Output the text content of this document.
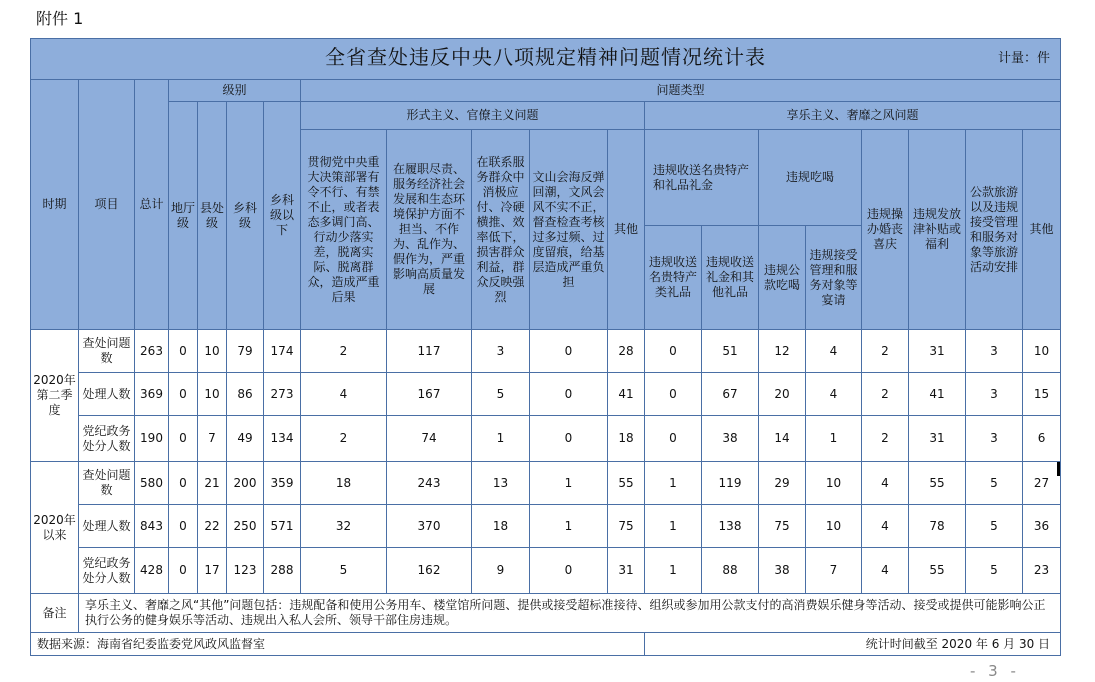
附件 1
全省查处违反中央八项规定精神问题情况统计表 计量：件																			

时期	项目	总计	级别				问题类型												
			地厅级	县处级	乡科级	乡科级以下	形式主义、官僚主义问题					享乐主义、奢靡之风问题							
							贯彻党中央重大决策部署有令不行、有禁不止，或者表态多调门高、行动少落实差，脱离实际、脱离群众，造成严重后果	在履职尽责、服务经济社会发展和生态环境保护方面不担当、不作为、乱作为、假作为，严重影响高质量发展	在联系服务群众中消极应付、冷硬横推、效率低下，损害群众利益，群众反映强烈	文山会海反弹回潮，文风会风不实不正，督查检查考核过多过频、过度留痕，给基层造成严重负担	其他	违规收送名贵特产和礼品礼金		违规吃喝		违规操办婚丧喜庆	违规发放津补贴或福利	公款旅游以及违规接受管理和服务对象等旅游活动安排	其他
												违规收送名贵特产类礼品	违规收送礼金和其他礼品	违规公款吃喝	违规接受管理和服务对象等宴请				

2020年第二季度	查处问题数	263	0	10	79	174	2	117	3	0	28	0	51	12	4	2	31	3	10
	处理人数	369	0	10	86	273	4	167	5	0	41	0	67	20	4	2	41	3	15
	党纪政务处分人数	190	0	7	49	134	2	74	1	0	18	0	38	14	1	2	31	3	6
2020年以来	查处问题数	580	0	21	200	359	18	243	13	1	55	1	119	29	10	4	55	5	27
	处理人数	843	0	22	250	571	32	370	18	1	75	1	138	75	10	4	78	5	36
	党纪政务处分人数	428	0	17	123	288	5	162	9	0	31	1	88	38	7	4	55	5	23
备注	享乐主义、奢靡之风“其他”问题包括：违规配备和使用公务用车、楼堂馆所问题、提供或接受超标准接待、组织或参加用公款支付的高消费娱乐健身等活动、接受或提供可能影响公正执行公务的健身娱乐等活动、违规出入私人会所、领导干部住房违规。																		
数据来源：海南省纪委监委党风政风监督室												统计时间截至 2020 年 6 月 30 日							
- 3 -
